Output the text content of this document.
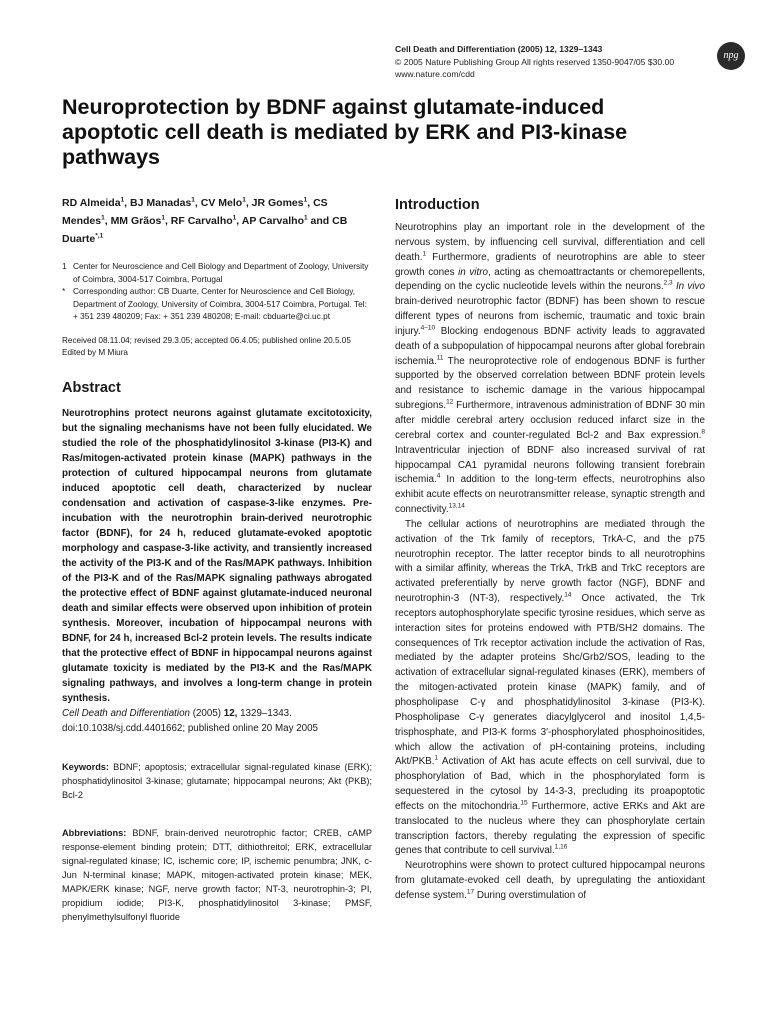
Cell Death and Differentiation (2005) 12, 1329–1343
© 2005 Nature Publishing Group All rights reserved 1350-9047/05 $30.00
www.nature.com/cdd
npg
Neuroprotection by BDNF against glutamate-induced apoptotic cell death is mediated by ERK and PI3-kinase pathways

RD Almeida$^1$, BJ Manadas$^1$, CV Melo$^1$, JR Gomes$^1$, CS Mendes$^1$, MM Grãos$^1$, RF Carvalho$^1$, AP Carvalho$^1$ and CB Duarte$^{*,1}$

1 Center for Neuroscience and Cell Biology and Department of Zoology, University of Coimbra, 3004-517 Coimbra, Portugal
* Corresponding author: CB Duarte, Center for Neuroscience and Cell Biology, Department of Zoology, University of Coimbra, 3004-517 Coimbra, Portugal. Tel: + 351 239 480209; Fax: + 351 239 480208; E-mail: cbduarte@ci.uc.pt
Received 08.11.04; revised 29.3.05; accepted 06.4.05; published online 20.5.05
Edited by M Miura
Abstract
Neurotrophins protect neurons against glutamate excitotoxicity, but the signaling mechanisms have not been fully elucidated. We studied the role of the phosphatidylinositol 3-kinase (PI3-K) and Ras/mitogen-activated protein kinase (MAPK) pathways in the protection of cultured hippocampal neurons from glutamate induced apoptotic cell death, characterized by nuclear condensation and activation of caspase-3-like enzymes. Pre-incubation with the neurotrophin brain-derived neurotrophic factor (BDNF), for 24 h, reduced glutamate-evoked apoptotic morphology and caspase-3-like activity, and transiently increased the activity of the PI3-K and of the Ras/MAPK pathways. Inhibition of the PI3-K and of the Ras/MAPK signaling pathways abrogated the protective effect of BDNF against glutamate-induced neuronal death and similar effects were observed upon inhibition of protein synthesis. Moreover, incubation of hippocampal neurons with BDNF, for 24 h, increased Bcl-2 protein levels. The results indicate that the protective effect of BDNF in hippocampal neurons against glutamate toxicity is mediated by the PI3-K and the Ras/MAPK signaling pathways, and involves a long-term change in protein synthesis.
Cell Death and Differentiation (2005) 12, 1329–1343.
doi:10.1038/sj.cdd.4401662; published online 20 May 2005
Keywords: BDNF; apoptosis; extracellular signal-regulated kinase (ERK); phosphatidylinositol 3-kinase; glutamate; hippocampal neurons; Akt (PKB); Bcl-2
Abbreviations: BDNF, brain-derived neurotrophic factor; CREB, cAMP response-element binding protein; DTT, dithiothreitol; ERK, extracellular signal-regulated kinase; IC, ischemic core; IP, ischemic penumbra; JNK, c-Jun N-terminal kinase; MAPK, mitogen-activated protein kinase; MEK, MAPK/ERK kinase; NGF, nerve growth factor; NT-3, neurotrophin-3; PI, propidium iodide; PI3-K, phosphatidylinositol 3-kinase; PMSF, phenylmethylsulfonyl fluoride
Introduction

Neurotrophins play an important role in the development of the nervous system, by influencing cell survival, differentiation and cell death.$^1$ Furthermore, gradients of neurotrophins are able to steer growth cones in vitro, acting as chemoattractants or chemorepellents, depending on the cyclic nucleotide levels within the neurons.$^{2,3}$ In vivo brain-derived neurotrophic factor (BDNF) has been shown to rescue different types of neurons from ischemic, traumatic and toxic brain injury.$^{4-10}$ Blocking endogenous BDNF activity leads to aggravated death of a subpopulation of hippocampal neurons after global forebrain ischemia.$^{11}$ The neuroprotective role of endogenous BDNF is further supported by the observed correlation between BDNF protein levels and resistance to ischemic damage in the various hippocampal subregions.$^{12}$ Furthermore, intravenous administration of BDNF 30 min after middle cerebral artery occlusion reduced infarct size in the cerebral cortex and counter-regulated Bcl-2 and Bax expression.$^8$ Intraventricular injection of BDNF also increased survival of rat hippocampal CA1 pyramidal neurons following transient forebrain ischemia.$^4$ In addition to the long-term effects, neurotrophins also exhibit acute effects on neurotransmitter release, synaptic strength and connectivity.$^{13,14}$

The cellular actions of neurotrophins are mediated through the activation of the Trk family of receptors, TrkA-C, and the p75 neurotrophin receptor. The latter receptor binds to all neurotrophins with a similar affinity, whereas the TrkA, TrkB and TrkC receptors are activated preferentially by nerve growth factor (NGF), BDNF and neurotrophin-3 (NT-3), respectively.$^{14}$ Once activated, the Trk receptors autophosphorylate specific tyrosine residues, which serve as interaction sites for proteins endowed with PTB/SH2 domains. The consequences of Trk receptor activation include the activation of Ras, mediated by the adapter proteins Shc/Grb2/SOS, leading to the activation of extracellular signal-regulated kinases (ERK), members of the mitogen-activated protein kinase (MAPK) family, and of phospholipase C-γ and phosphatidylinositol 3-kinase (PI3-K). Phospholipase C-γ generates diacylglycerol and inositol 1,4,5-trisphosphate, and PI3-K forms 3′-phosphorylated phosphoinositides, which allow the activation of pH-containing proteins, including Akt/PKB.$^1$ Activation of Akt has acute effects on cell survival, due to phosphorylation of Bad, which in the phosphorylated form is sequestered in the cytosol by 14-3-3, precluding its proapoptotic effects on the mitochondria.$^{15}$ Furthermore, active ERKs and Akt are translocated to the nucleus where they can phosphorylate certain transcription factors, thereby regulating the expression of specific genes that contribute to cell survival.$^{1,16}$

Neurotrophins were shown to protect cultured hippocampal neurons from glutamate-evoked cell death, by upregulating the antioxidant defense system.$^{17}$ During overstimulation of
